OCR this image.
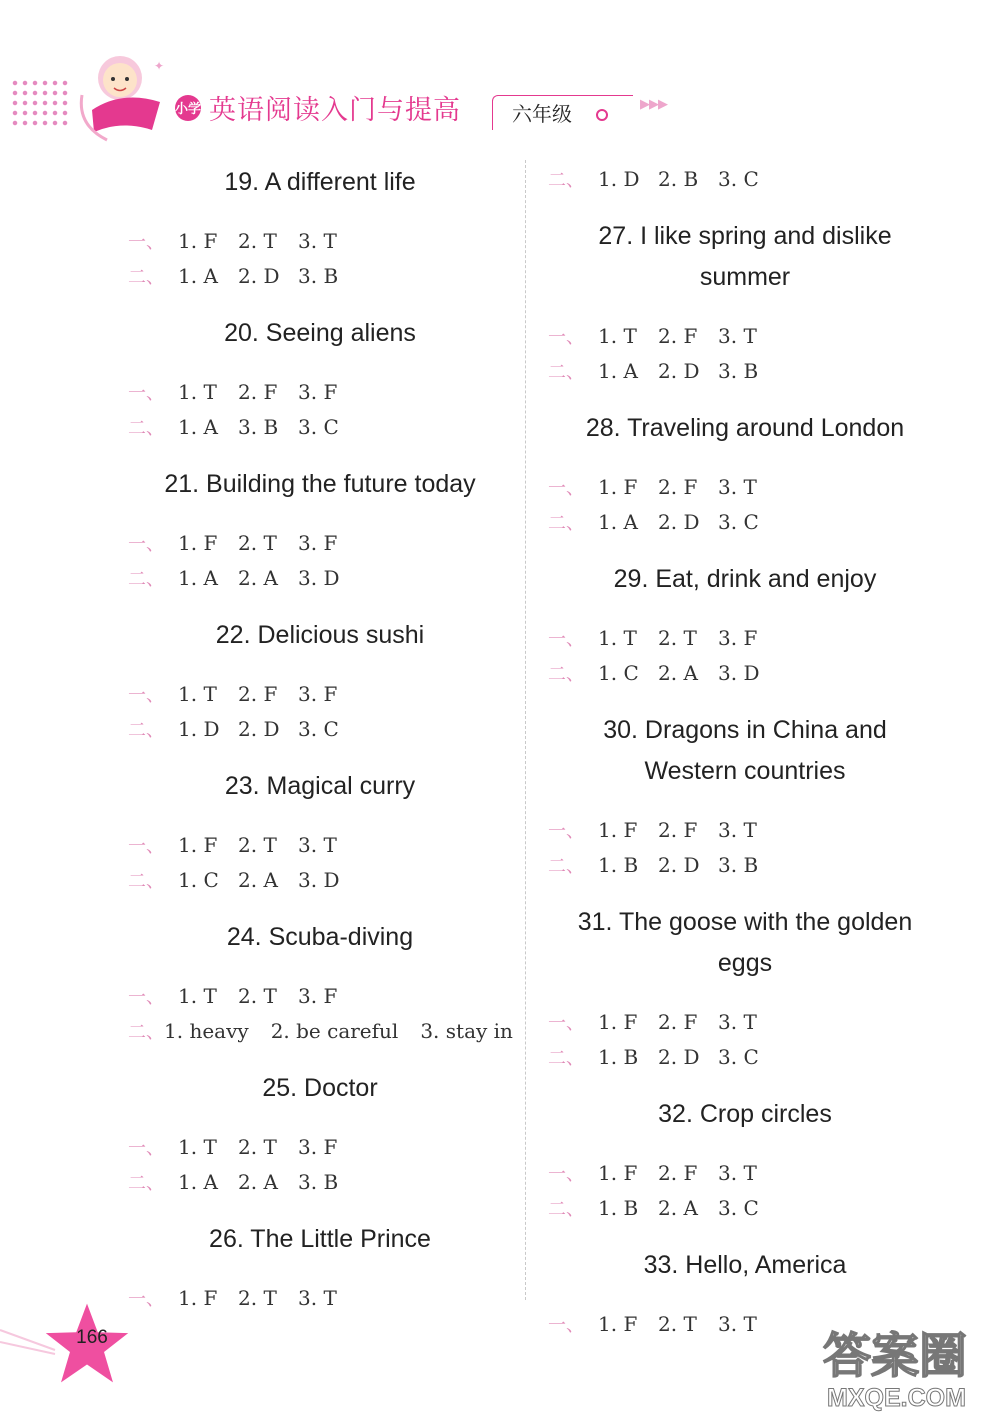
✦
小学 英语阅读入门与提高	六年级	▶▶▶
19. A different life
一、 1. F	2. T	3. T
二、 1. A	2. D 3. B
20. Seeing aliens
一、 1. T	2. F	3. F
二、 1. A	3. B 3. C
21. Building the future today
一、 1. F	2. T	3. F
二、 1. A	2. A	3. D
22. Delicious sushi
一、 1. T	2. F	3. F
二、 1. D 2. D 3. C
23. Magical curry
一、 1. F	2. T	3. T
二、 1. C 2. A	3. D
24. Scuba-diving
一、 1. T	2. T	3. F
二、 1. heavy 2. be careful 3. stay in
25. Doctor
一、 1. T	2. T	3. F
二、 1. A	2. A	3. B
26. The Little Prince
一、 1. F	2. T	3. T
二、 1. D 2. B 3. C
27. I like spring and dislike
summer
一、 1. T	2. F	3. T
二、 1. A	2. D 3. B
28. Traveling around London
一、 1. F	2. F	3. T
二、 1. A	2. D 3. C
29. Eat, drink and enjoy
一、 1. T	2. T	3. F
二、 1. C 2. A	3. D
30. Dragons in China and
Western countries
一、 1. F	2. F	3. T
二、 1. B 2. D 3. B
31. The goose with the golden
eggs
一、 1. F	2. F	3. T
二、 1. B 2. D 3. C
32. Crop circles
一、 1. F	2. F	3. T
二、 1. B 2. A	3. C
33. Hello, America
一、 1. F	2. T	3. T
166	答案圈
MXQE.COM
